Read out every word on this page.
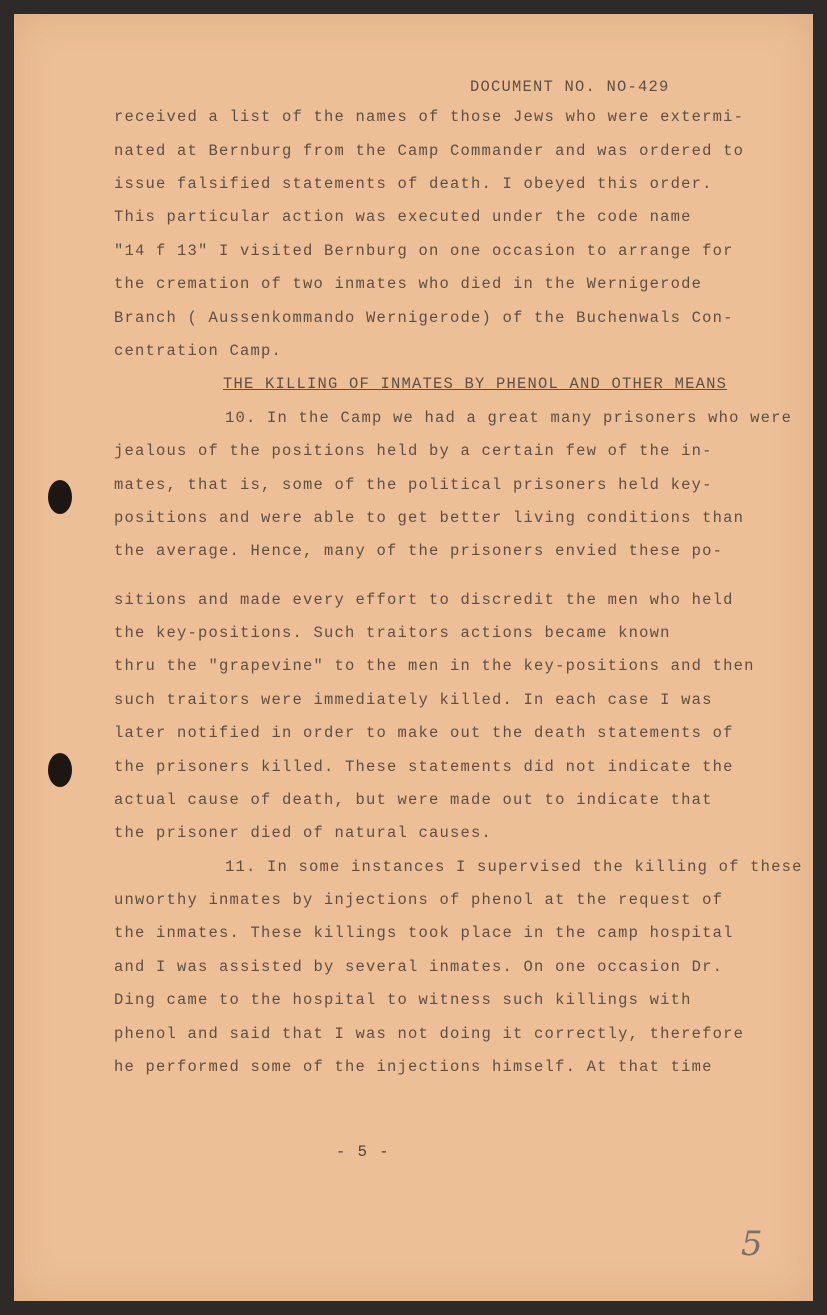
DOCUMENT NO. NO-429
received a list of the names of those Jews who were extermi-
nated at Bernburg from the Camp Commander and was ordered to
issue falsified statements of death. I obeyed this order.
This particular action was executed under the code name
"14 f 13" I visited Bernburg on one occasion to arrange for
the cremation of two inmates who died in the Wernigerode
Branch ( Aussenkommando Wernigerode) of the Buchenwals Con-
centration Camp.
THE KILLING OF INMATES BY PHENOL AND OTHER MEANS
10. In the Camp we had a great many prisoners who were
jealous of the positions held by a certain few of the in-
mates, that is, some of the political prisoners held key-
positions and were able to get better living conditions than
the average. Hence, many of the prisoners envied these po-
sitions and made every effort to discredit the men who held
the key-positions. Such traitors actions became known
thru the "grapevine" to the men in the key-positions and then
such traitors were immediately killed. In each case I was
later notified in order to make out the death statements of
the prisoners killed. These statements did not indicate the
actual cause of death, but were made out to indicate that
the prisoner died of natural causes.
11. In some instances I supervised the killing of these
unworthy inmates by injections of phenol at the request of
the inmates. These killings took place in the camp hospital
and I was assisted by several inmates. On one occasion Dr.
Ding came to the hospital to witness such killings with
phenol and said that I was not doing it correctly, therefore
he performed some of the injections himself. At that time
- 5 -
5
